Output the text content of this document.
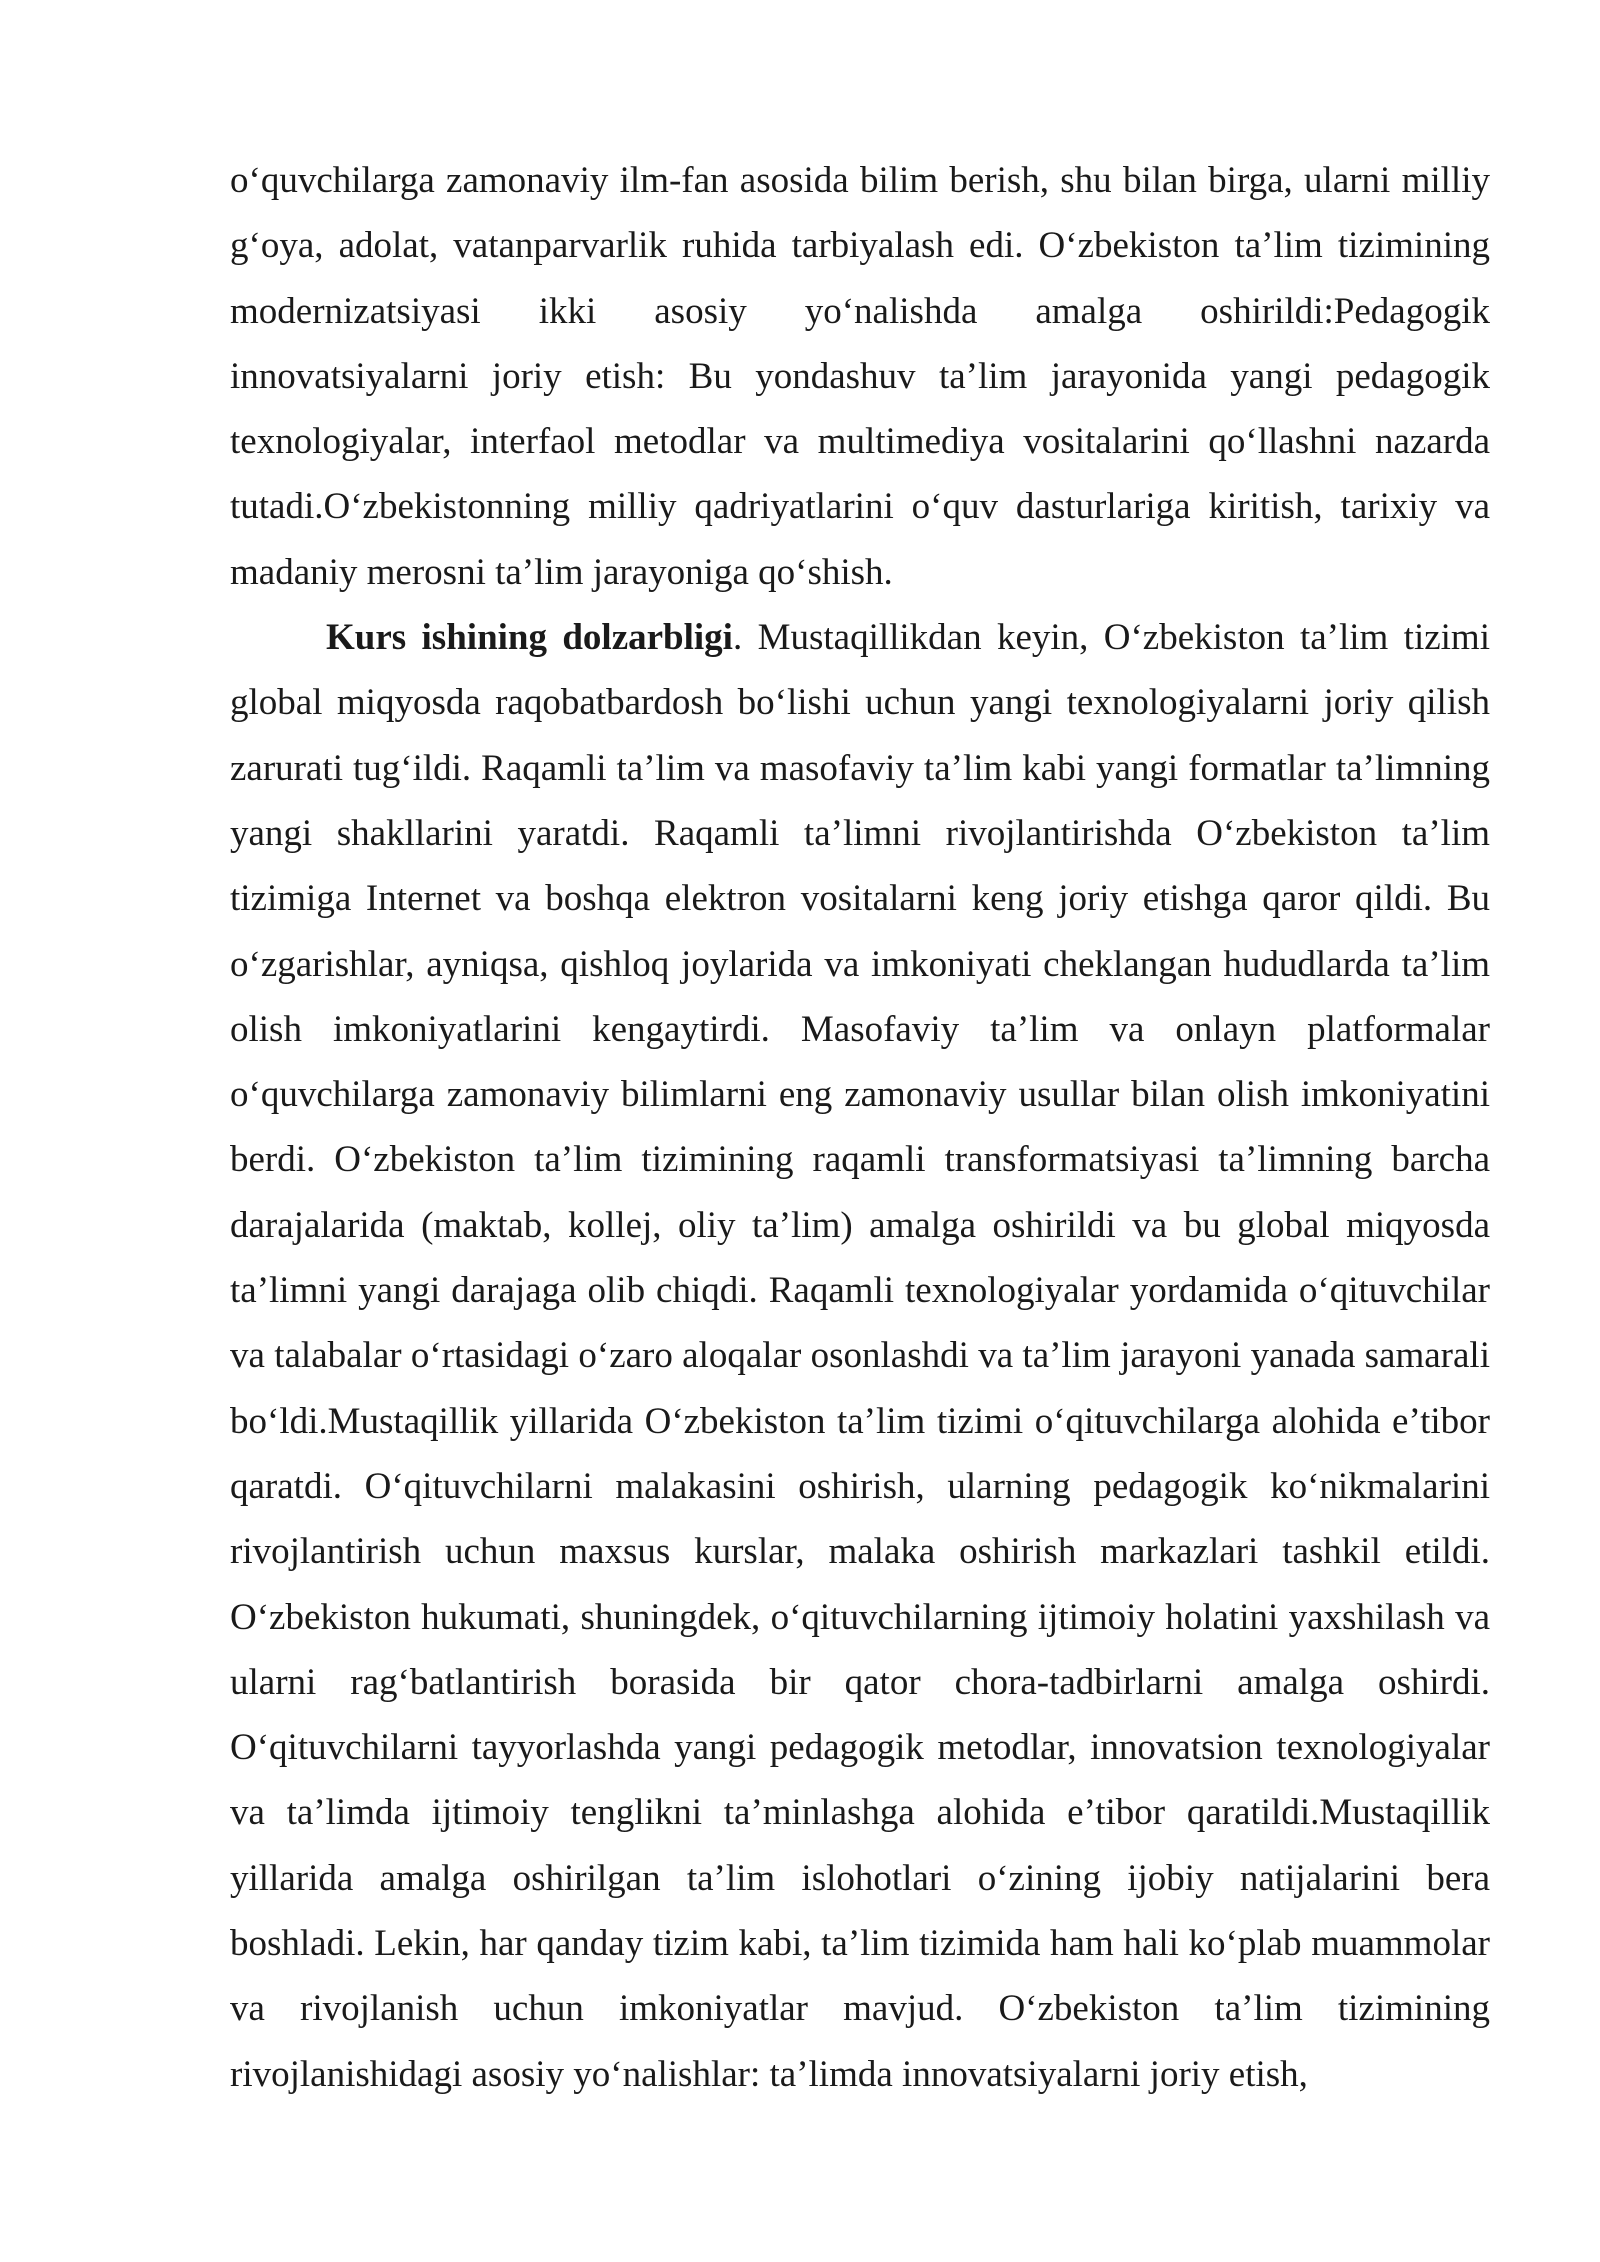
o‘quvchilarga zamonaviy ilm-fan asosida bilim berish, shu bilan birga, ularni milliy g‘oya, adolat, vatanparvarlik ruhida tarbiyalash edi. O‘zbekiston ta’lim tizimining modernizatsiyasi ikki asosiy yo‘nalishda amalga oshirildi:Pedagogik innovatsiyalarni joriy etish: Bu yondashuv ta’lim jarayonida yangi pedagogik texnologiyalar, interfaol metodlar va multimediya vositalarini qo‘llashni nazarda tutadi.O‘zbekistonning milliy qadriyatlarini o‘quv dasturlariga kiritish, tarixiy va madaniy merosni ta’lim jarayoniga qo‘shish.

Kurs ishining dolzarbligi. Mustaqillikdan keyin, O‘zbekiston ta’lim tizimi global miqyosda raqobatbardosh bo‘lishi uchun yangi texnologiyalarni joriy qilish zarurati tug‘ildi. Raqamli ta’lim va masofaviy ta’lim kabi yangi formatlar ta’limning yangi shakllarini yaratdi. Raqamli ta’limni rivojlantirishda O‘zbekiston ta’lim tizimiga Internet va boshqa elektron vositalarni keng joriy etishga qaror qildi. Bu o‘zgarishlar, ayniqsa, qishloq joylarida va imkoniyati cheklangan hududlarda ta’lim olish imkoniyatlarini kengaytirdi. Masofaviy ta’lim va onlayn platformalar o‘quvchilarga zamonaviy bilimlarni eng zamonaviy usullar bilan olish imkoniyatini berdi. O‘zbekiston ta’lim tizimining raqamli transformatsiyasi ta’limning barcha darajalarida (maktab, kollej, oliy ta’lim) amalga oshirildi va bu global miqyosda ta’limni yangi darajaga olib chiqdi. Raqamli texnologiyalar yordamida o‘qituvchilar va talabalar o‘rtasidagi o‘zaro aloqalar osonlashdi va ta’lim jarayoni yanada samarali bo‘ldi.Mustaqillik yillarida O‘zbekiston ta’lim tizimi o‘qituvchilarga alohida e’tibor qaratdi. O‘qituvchilarni malakasini oshirish, ularning pedagogik ko‘nikmalarini rivojlantirish uchun maxsus kurslar, malaka oshirish markazlari tashkil etildi. O‘zbekiston hukumati, shuningdek, o‘qituvchilarning ijtimoiy holatini yaxshilash va ularni rag‘batlantirish borasida bir qator chora-tadbirlarni amalga oshirdi. O‘qituvchilarni tayyorlashda yangi pedagogik metodlar, innovatsion texnologiyalar va ta’limda ijtimoiy tenglikni ta’minlashga alohida e’tibor qaratildi.Mustaqillik yillarida amalga oshirilgan ta’lim islohotlari o‘zining ijobiy natijalarini bera boshladi. Lekin, har qanday tizim kabi, ta’lim tizimida ham hali ko‘plab muammolar va rivojlanish uchun imkoniyatlar mavjud. O‘zbekiston ta’lim tizimining rivojlanishidagi asosiy yo‘nalishlar: ta’limda innovatsiyalarni joriy etish,
